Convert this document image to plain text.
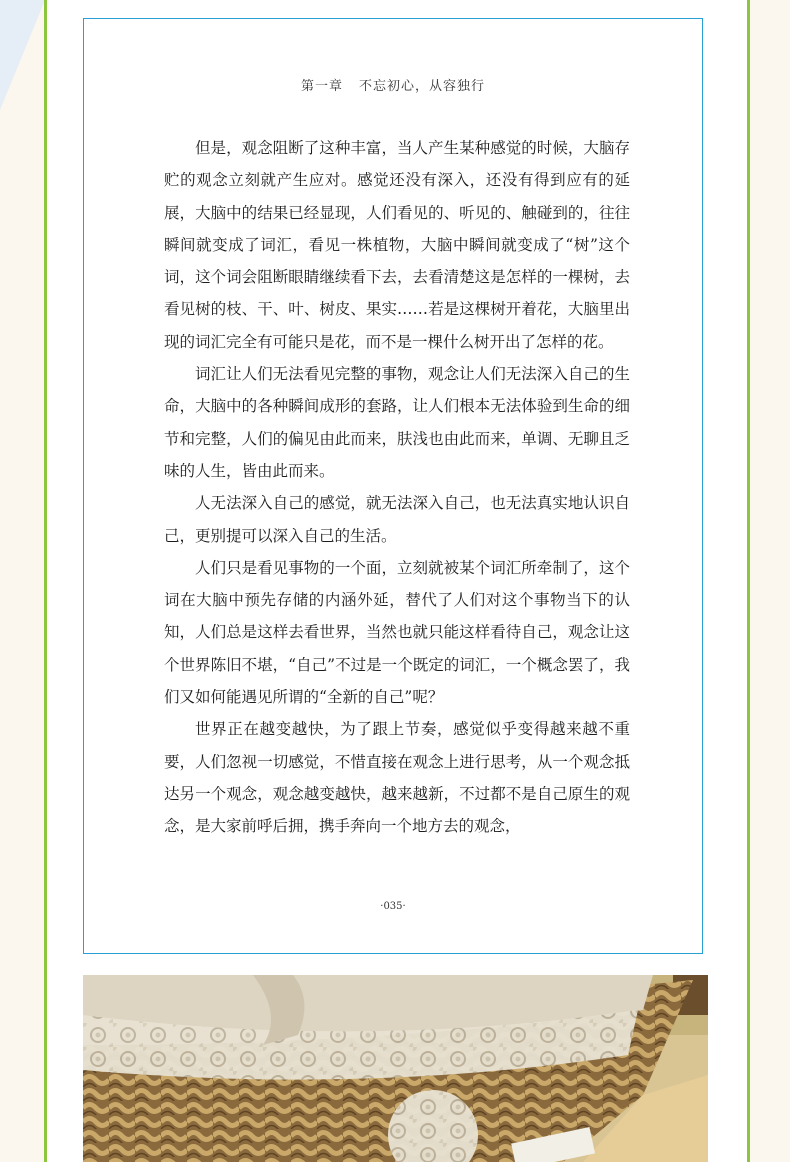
第一章 不忘初心，从容独行

但是，观念阻断了这种丰富，当人产生某种感觉的时候，大脑存贮的观念立刻就产生应对。感觉还没有深入，还没有得到应有的延展，大脑中的结果已经显现，人们看见的、听见的、触碰到的，往往瞬间就变成了词汇，看见一株植物，大脑中瞬间就变成了“树”这个词，这个词会阻断眼睛继续看下去，去看清楚这是怎样的一棵树，去看见树的枝、干、叶、树皮、果实……若是这棵树开着花，大脑里出现的词汇完全有可能只是花，而不是一棵什么树开出了怎样的花。

词汇让人们无法看见完整的事物，观念让人们无法深入自己的生命，大脑中的各种瞬间成形的套路，让人们根本无法体验到生命的细节和完整，人们的偏见由此而来，肤浅也由此而来，单调、无聊且乏味的人生，皆由此而来。

人无法深入自己的感觉，就无法深入自己，也无法真实地认识自己，更别提可以深入自己的生活。

人们只是看见事物的一个面，立刻就被某个词汇所牵制了，这个词在大脑中预先存储的内涵外延，替代了人们对这个事物当下的认知，人们总是这样去看世界，当然也就只能这样看待自己，观念让这个世界陈旧不堪，“自己”不过是一个既定的词汇，一个概念罢了，我们又如何能遇见所谓的“全新的自己”呢？

世界正在越变越快，为了跟上节奏，感觉似乎变得越来越不重要，人们忽视一切感觉，不惜直接在观念上进行思考，从一个观念抵达另一个观念，观念越变越快，越来越新，不过都不是自己原生的观念，是大家前呼后拥，携手奔向一个地方去的观念，

·035·
